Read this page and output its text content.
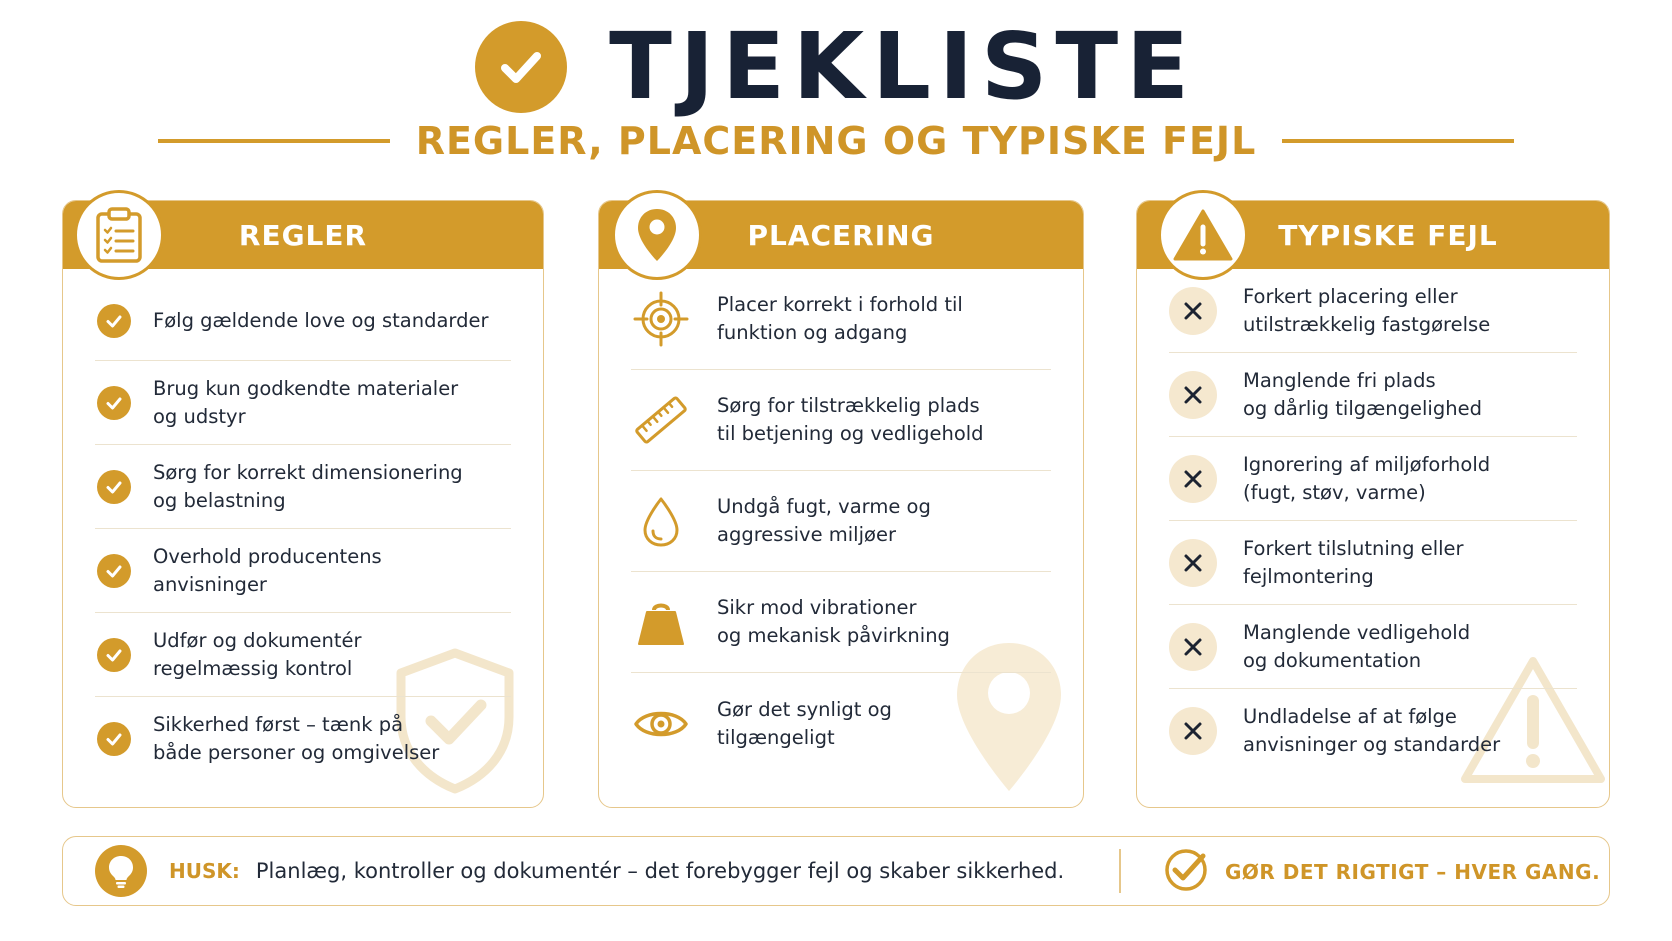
TJEKLISTE
REGLER, PLACERING OG TYPISKE FEJL
REGLER
Følg gældende love og standarder
Brug kun godkendte materialer
og udstyr
Sørg for korrekt dimensionering
og belastning
Overhold producentens
anvisninger
Udfør og dokumentér
regelmæssig kontrol
Sikkerhed først – tænk på
både personer og omgivelser
PLACERING
Placer korrekt i forhold til
funktion og adgang
Sørg for tilstrækkelig plads
til betjening og vedligehold
Undgå fugt, varme og
aggressive miljøer
Sikr mod vibrationer
og mekanisk påvirkning
Gør det synligt og
tilgængeligt
TYPISKE FEJL
Forkert placering eller
utilstrækkelig fastgørelse
Manglende fri plads
og dårlig tilgængelighed
Ignorering af miljøforhold
(fugt, støv, varme)
Forkert tilslutning eller
fejlmontering
Manglende vedligehold
og dokumentation
Undladelse af at følge
anvisninger og standarder
HUSK: Planlæg, kontroller og dokumentér – det forebygger fejl og skaber sikkerhed.	GØR DET RIGTIGT – HVER GANG.
